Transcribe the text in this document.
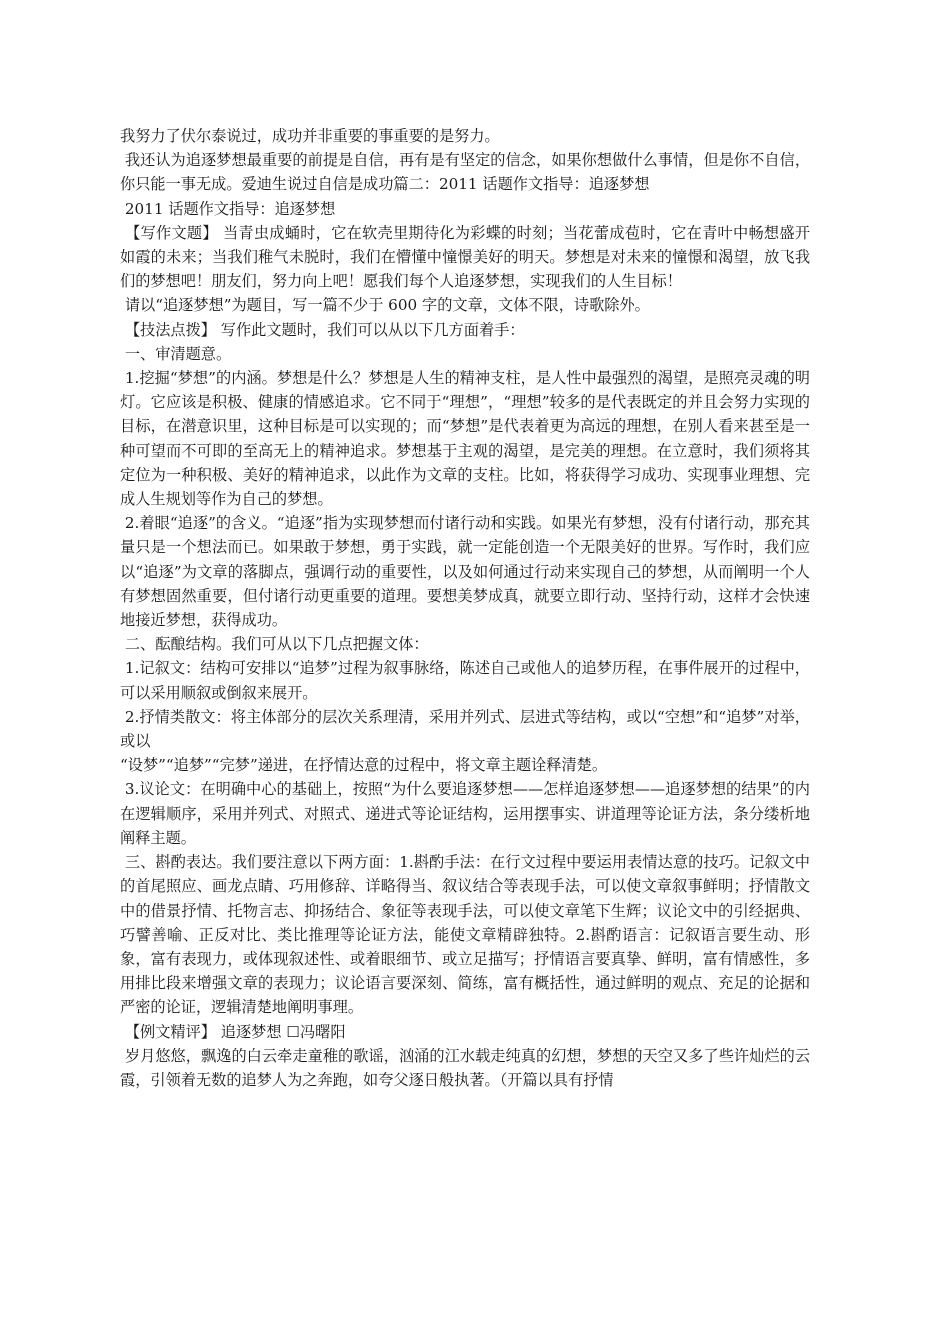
我努力了伏尔泰说过，成功并非重要的事重要的是努力。

我还认为追逐梦想最重要的前提是自信，再有是有坚定的信念，如果你想做什么事情，但是你不自信，你只能一事无成。爱迪生说过自信是成功篇二：2011 话题作文指导：追逐梦想

2011 话题作文指导：追逐梦想

【写作文题】 当青虫成蛹时，它在软壳里期待化为彩蝶的时刻；当花蕾成苞时，它在青叶中畅想盛开如霞的未来；当我们稚气未脱时，我们在懵懂中憧憬美好的明天。梦想是对未来的憧憬和渴望，放飞我们的梦想吧！朋友们，努力向上吧！愿我们每个人追逐梦想，实现我们的人生目标！

请以“追逐梦想”为题目，写一篇不少于 600 字的文章，文体不限，诗歌除外。

【技法点拨】 写作此文题时，我们可以从以下几方面着手：

一、审清题意。

1.挖掘“梦想”的内涵。梦想是什么？梦想是人生的精神支柱，是人性中最强烈的渴望，是照亮灵魂的明灯。它应该是积极、健康的情感追求。它不同于“理想”，“理想”较多的是代表既定的并且会努力实现的目标，在潜意识里，这种目标是可以实现的；而“梦想”是代表着更为高远的理想，在别人看来甚至是一种可望而不可即的至高无上的精神追求。梦想基于主观的渴望，是完美的理想。在立意时，我们须将其定位为一种积极、美好的精神追求，以此作为文章的支柱。比如，将获得学习成功、实现事业理想、完成人生规划等作为自己的梦想。

2.着眼“追逐”的含义。“追逐”指为实现梦想而付诸行动和实践。如果光有梦想，没有付诸行动，那充其量只是一个想法而已。如果敢于梦想，勇于实践，就一定能创造一个无限美好的世界。写作时，我们应以“追逐”为文章的落脚点，强调行动的重要性，以及如何通过行动来实现自己的梦想，从而阐明一个人有梦想固然重要，但付诸行动更重要的道理。要想美梦成真，就要立即行动、坚持行动，这样才会快速地接近梦想，获得成功。

二、酝酿结构。我们可从以下几点把握文体：

1.记叙文：结构可安排以“追梦”过程为叙事脉络，陈述自己或他人的追梦历程，在事件展开的过程中，可以采用顺叙或倒叙来展开。

2.抒情类散文：将主体部分的层次关系理清，采用并列式、层进式等结构，或以“空想”和“追梦”对举，或以

“设梦”“追梦”“完梦”递进，在抒情达意的过程中，将文章主题诠释清楚。

3.议论文：在明确中心的基础上，按照“为什么要追逐梦想——怎样追逐梦想——追逐梦想的结果”的内在逻辑顺序，采用并列式、对照式、递进式等论证结构，运用摆事实、讲道理等论证方法，条分缕析地阐释主题。

三、斟酌表达。我们要注意以下两方面：1.斟酌手法：在行文过程中要运用表情达意的技巧。记叙文中的首尾照应、画龙点睛、巧用修辞、详略得当、叙议结合等表现手法，可以使文章叙事鲜明；抒情散文中的借景抒情、托物言志、抑扬结合、象征等表现手法，可以使文章笔下生辉；议论文中的引经据典、巧譬善喻、正反对比、类比推理等论证方法，能使文章精辟独特。2.斟酌语言：记叙语言要生动、形象，富有表现力，或体现叙述性、或着眼细节、或立足描写；抒情语言要真挚、鲜明，富有情感性，多用排比段来增强文章的表现力；议论语言要深刻、简练，富有概括性，通过鲜明的观点、充足的论据和严密的论证，逻辑清楚地阐明事理。

【例文精评】 追逐梦想 ☐冯曙阳

岁月悠悠，飘逸的白云牵走童稚的歌谣，汹涌的江水载走纯真的幻想，梦想的天空又多了些许灿烂的云霞，引领着无数的追梦人为之奔跑，如夸父逐日般执著。（开篇以具有抒情
